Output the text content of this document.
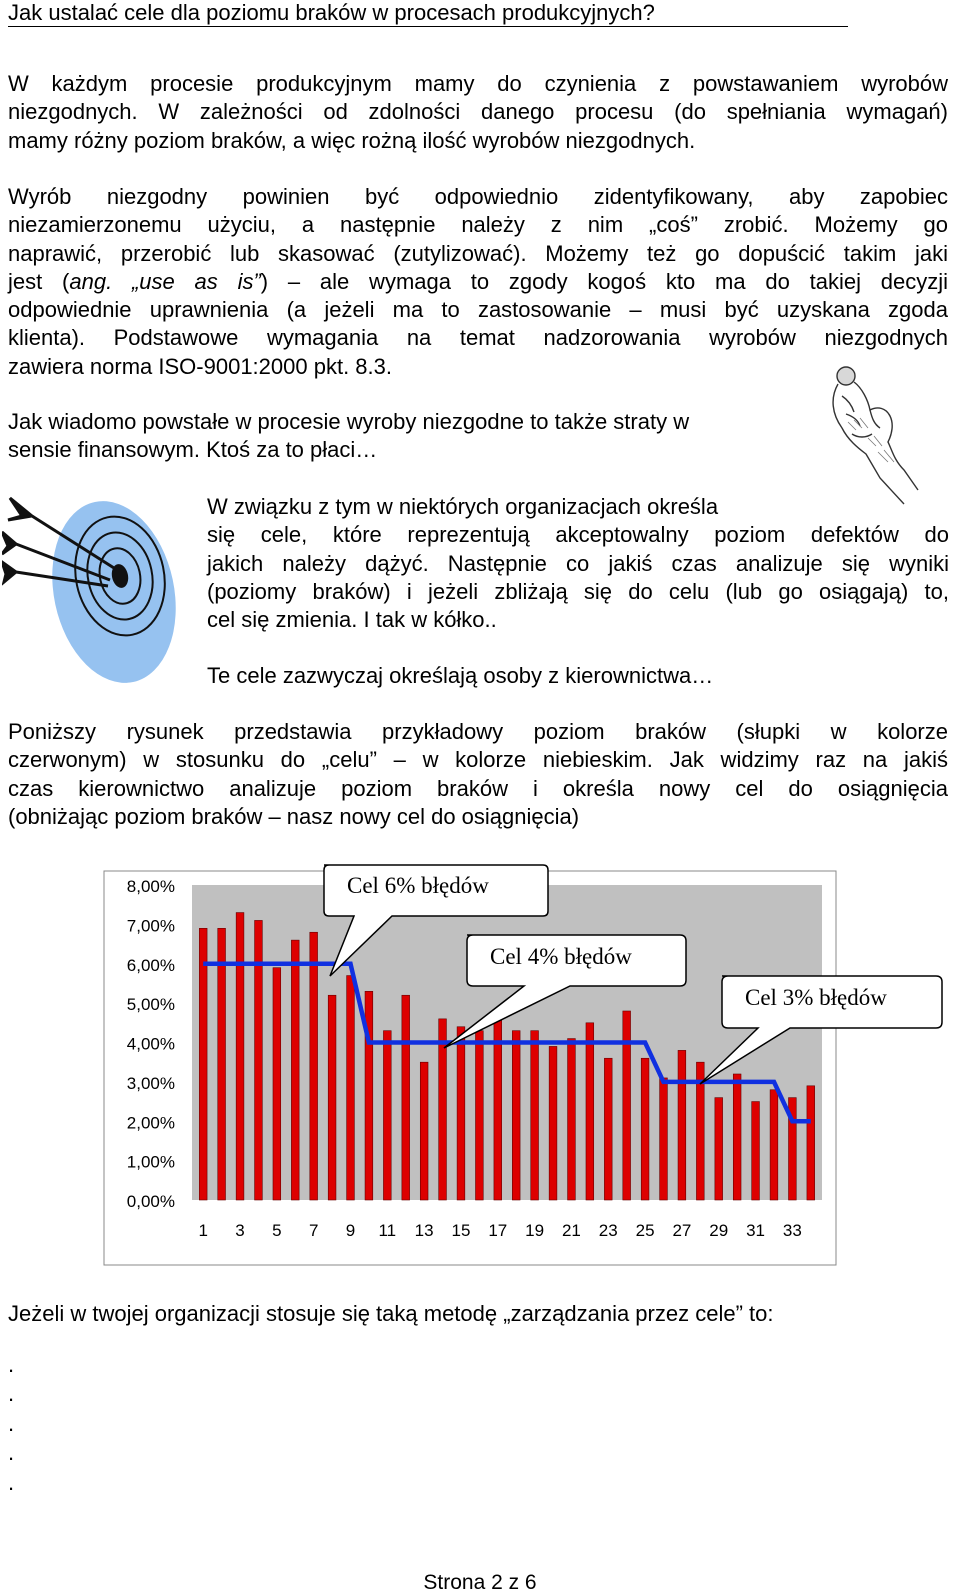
Jak ustalać cele dla poziomu braków w procesach produkcyjnych?
W każdym procesie produkcyjnym mamy do czynienia z powstawaniem wyrobów
niezgodnych. W zależności od zdolności danego procesu (do spełniania wymagań)
mamy różny poziom braków, a więc rożną ilość wyrobów niezgodnych.
Wyrób niezgodny powinien być odpowiednio zidentyfikowany, aby zapobiec
niezamierzonemu użyciu, a następnie należy z nim „coś” zrobić. Możemy go
naprawić, przerobić lub skasować (zutylizować). Możemy też go dopuścić takim jaki
jest (ang. „use as is”) – ale wymaga to zgody kogoś kto ma do takiej decyzji
odpowiednie uprawnienia (a jeżeli ma to zastosowanie – musi być uzyskana zgoda
klienta). Podstawowe wymagania na temat nadzorowania wyrobów niezgodnych
zawiera norma ISO-9001:2000 pkt. 8.3.
Jak wiadomo powstałe w procesie wyroby niezgodne to także straty w
sensie finansowym. Ktoś za to płaci…
W związku z tym w niektórych organizacjach określa
się cele, które reprezentują akceptowalny poziom defektów do
jakich należy dążyć. Następnie co jakiś czas analizuje się wyniki
(poziomy braków) i jeżeli zbliżają się do celu (lub go osiągają) to,
cel się zmienia. I tak w kółko..
Te cele zazwyczaj określają osoby z kierownictwa…
Poniższy rysunek przedstawia przykładowy poziom braków (słupki w kolorze
czerwonym) w stosunku do „celu” – w kolorze niebieskim. Jak widzimy raz na jakiś
czas kierownictwo analizuje poziom braków i określa nowy cel do osiągnięcia
(obniżając poziom braków – nasz nowy cel do osiągnięcia)
0,00%
1,00%
2,00%
3,00%
4,00%
5,00%
6,00%
7,00%
8,00%
1 3 5 7 9 11 13 15 17 19 21 23 25 27 29 31 33
Cel 6% błędów
Cel 4% błędów
Cel 3% błędów
Jeżeli w twojej organizacji stosuje się taką metodę „zarządzania przez cele” to:
.
.
.
.
.
Strona 2 z 6
